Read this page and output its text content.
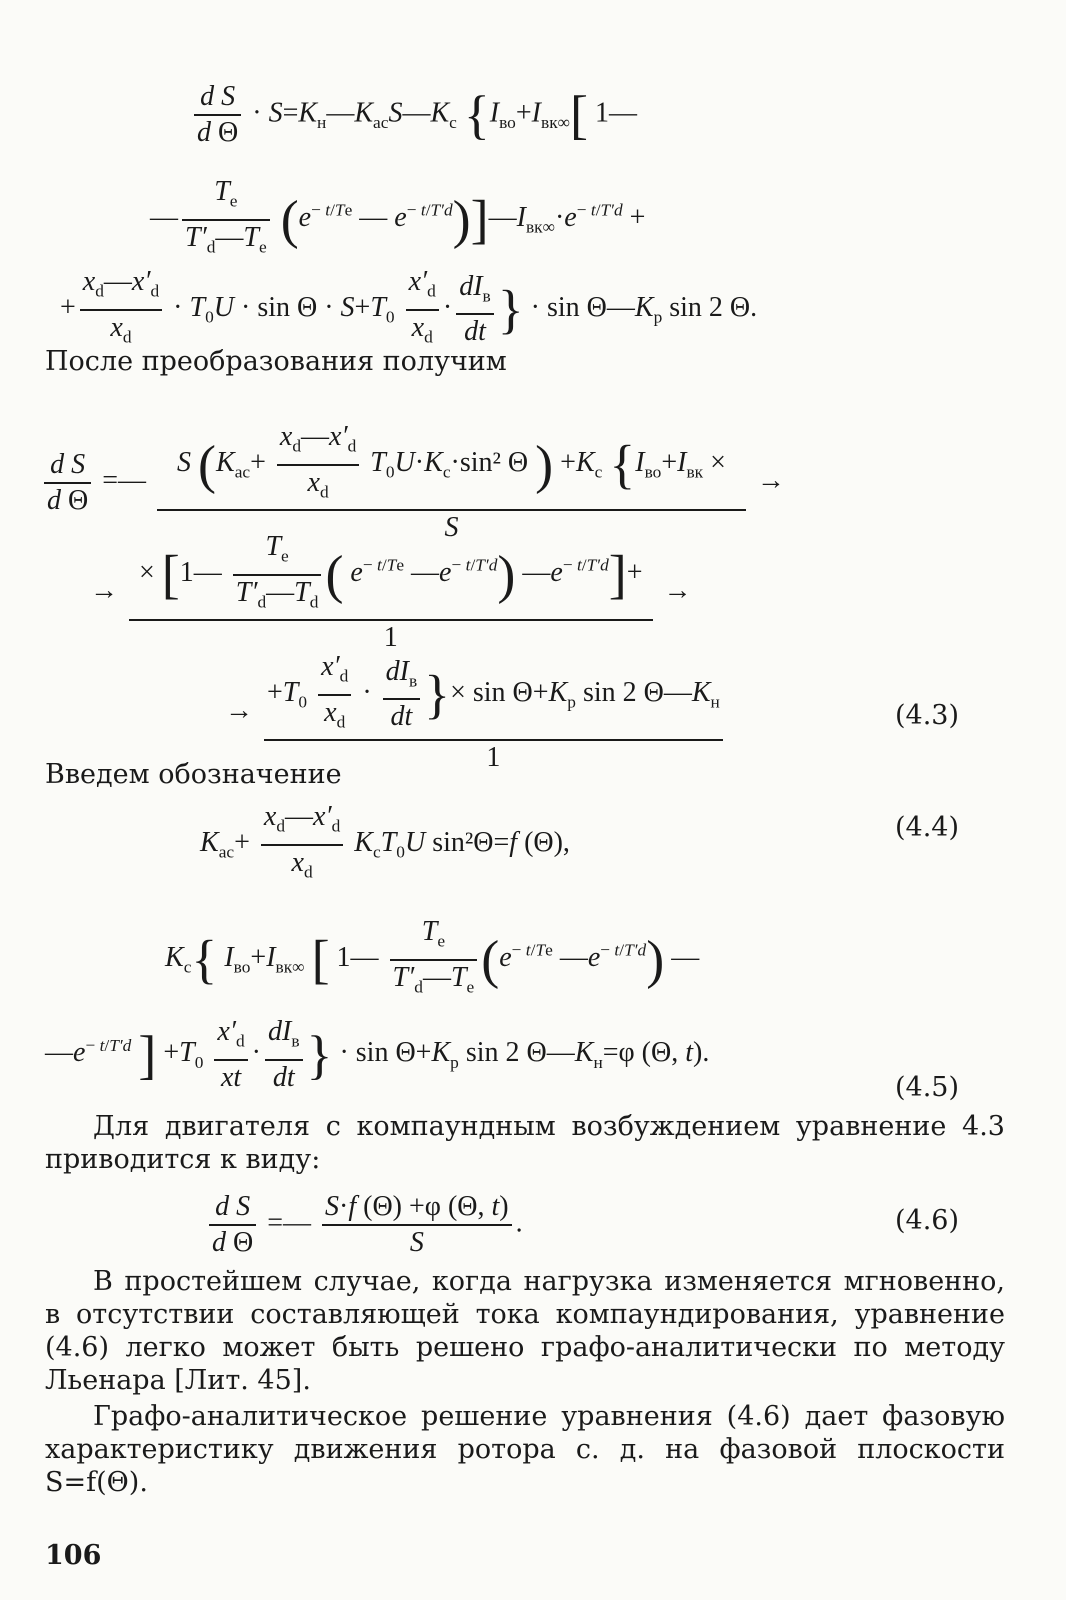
$\frac{\text{d S}}{\text{d Θ}}$ · $S=K_н—K_{ас}S—K_с$ {$I_{во}+I_{вк\infty}$[ 1—
— $\frac{T_e}{T'_d—T_e} (e^{- t/Te}$ — $e^{- t/T'd})]—I_{вк\infty}\cdot e^{- t/T'd}$ +
+ $\frac{x_d—x'_d}{x_d} \cdot T_0U \cdot \sin \Theta \cdot S+T_0 \frac{x'_d}{x_d} \cdot \frac{dI_в}{dt}$ } · $\sin \Theta—K_p$ sin 2 Θ.
После преобразования получим
$\frac{\text{d S}}{\text{d Θ}}$ =— $\frac{S (K_{ас}+ \frac{x_d—x'_d}{x_d} T_0U\cdot K_с\cdot\sin^2 \Theta ) +K_с \{I_{во}+I_{вк} \times}{S}$ →
→ $\frac{\times [1— \frac{T_e}{T'_d—T_d} ( e^{- t/Te} —e^{- t/T'd}) —e^{- t/T'd}]+}{1}$ →
→ $\frac{+T_0 \frac{x'_d}{x_d} \cdot \frac{dI_в}{dt} \}\times \sin \Theta+K_p \sin 2 \Theta—K_н}{1}$	(4.3)
Введем обозначение
$K_{ас}+ \frac{x_d—x'_d}{x_d} K_сT_0U$ sin²Θ=f (Θ),	(4.4)
$K_с${ $I_{во}+I_{вк\infty}$ [ 1— $\frac{T_e}{T'_d—T_e} (e^{- t/Te}$ $—e^{- t/T'd}$) —
$—e^{- t/T'd}$ ] $+T_0 \frac{x'_d}{xt} \cdot \frac{dI_в}{dt}$ } · $\sin \Theta+K_p$ sin 2 $\Theta—K_н=\varphi$ (Θ, t).
(4.5)
Для двигателя с компаундным возбуждением уравнение 4.3 приводится к виду:
$\frac{\text{d S}}{\text{d Θ}}$ =— $\frac{S\cdot f (\Theta) +\varphi (\Theta, t)}{S}$ .	(4.6)
В простейшем случае, когда нагрузка изменяется мгновенно, в отсутствии составляющей тока компаундирования, уравнение (4.6) легко может быть решено графо-аналитически по методу Льенара [Лит. 45].
Графо-аналитическое решение уравнения (4.6) дает фазовую характеристику движения ротора с. д. на фазовой плоскости S=f(Θ).
106
